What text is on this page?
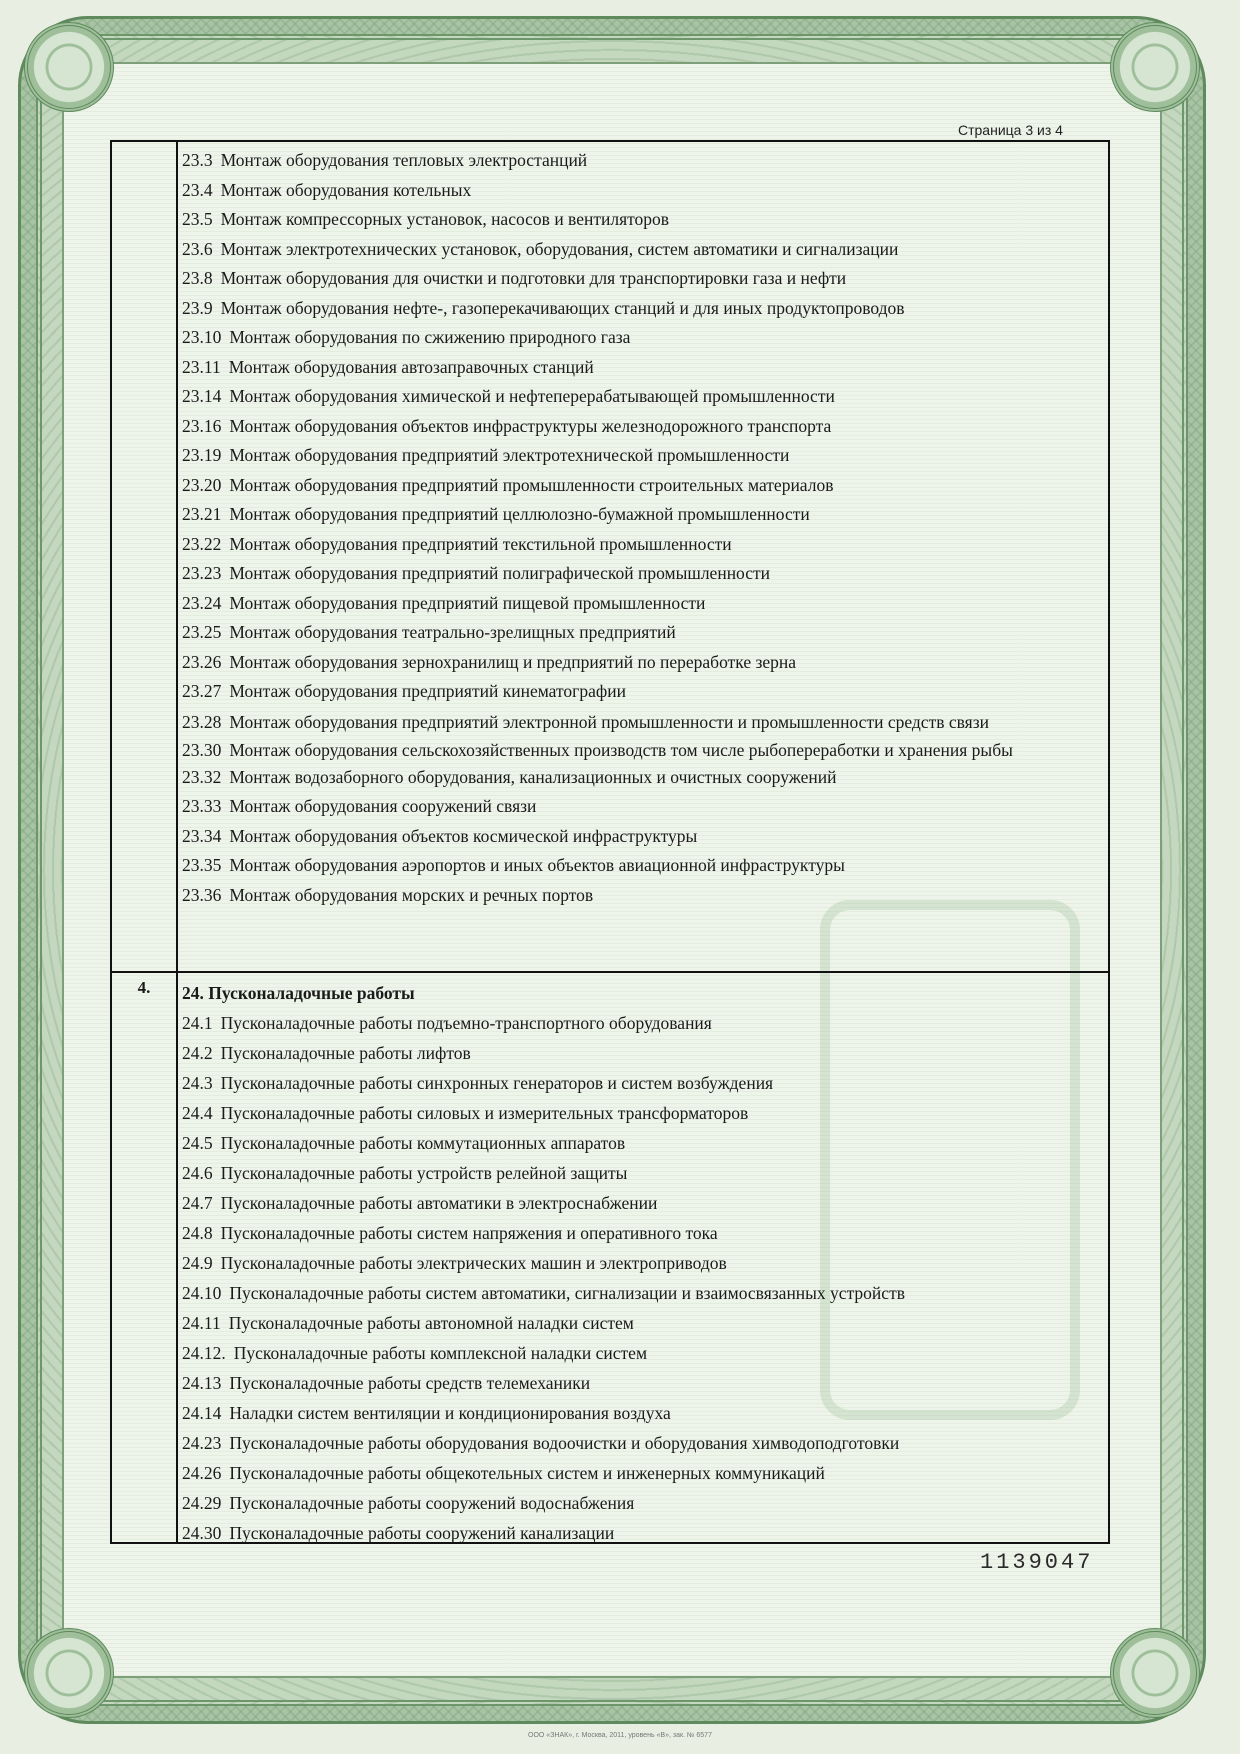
Страница 3 из 4
23.3 Монтаж оборудования тепловых электростанций
23.4 Монтаж оборудования котельных
23.5 Монтаж компрессорных установок, насосов и вентиляторов
23.6 Монтаж электротехнических установок, оборудования, систем автоматики и сигнализации
23.8 Монтаж оборудования для очистки и подготовки для транспортировки газа и нефти
23.9 Монтаж оборудования нефте-, газоперекачивающих станций и для иных продуктопроводов
23.10 Монтаж оборудования по сжижению природного газа
23.11 Монтаж оборудования автозаправочных станций
23.14 Монтаж оборудования химической и нефтеперерабатывающей промышленности
23.16 Монтаж оборудования объектов инфраструктуры железнодорожного транспорта
23.19 Монтаж оборудования предприятий электротехнической промышленности
23.20 Монтаж оборудования предприятий промышленности строительных материалов
23.21 Монтаж оборудования предприятий целлюлозно-бумажной промышленности
23.22 Монтаж оборудования предприятий текстильной промышленности
23.23 Монтаж оборудования предприятий полиграфической промышленности
23.24 Монтаж оборудования предприятий пищевой промышленности
23.25 Монтаж оборудования театрально-зрелищных предприятий
23.26 Монтаж оборудования зернохранилищ и предприятий по переработке зерна
23.27 Монтаж оборудования предприятий кинематографии
23.28 Монтаж оборудования предприятий электронной промышленности и промышленности средств связи
23.30 Монтаж оборудования сельскохозяйственных производств том числе рыбопереработки и хранения рыбы
23.32 Монтаж водозаборного оборудования, канализационных и очистных сооружений
23.33 Монтаж оборудования сооружений связи
23.34 Монтаж оборудования объектов космической инфраструктуры
23.35 Монтаж оборудования аэропортов и иных объектов авиационной инфраструктуры
23.36 Монтаж оборудования морских и речных портов
4.	24. Пусконаладочные работы
24.1 Пусконаладочные работы подъемно-транспортного оборудования
24.2 Пусконаладочные работы лифтов
24.3 Пусконаладочные работы синхронных генераторов и систем возбуждения
24.4 Пусконаладочные работы силовых и измерительных трансформаторов
24.5 Пусконаладочные работы коммутационных аппаратов
24.6 Пусконаладочные работы устройств релейной защиты
24.7 Пусконаладочные работы автоматики в электроснабжении
24.8 Пусконаладочные работы систем напряжения и оперативного тока
24.9 Пусконаладочные работы электрических машин и электроприводов
24.10 Пусконаладочные работы систем автоматики, сигнализации и взаимосвязанных устройств
24.11 Пусконаладочные работы автономной наладки систем
24.12. Пусконаладочные работы комплексной наладки систем
24.13 Пусконаладочные работы средств телемеханики
24.14 Наладки систем вентиляции и кондиционирования воздуха
24.23 Пусконаладочные работы оборудования водоочистки и оборудования химводоподготовки
24.26 Пусконаладочные работы общекотельных систем и инженерных коммуникаций
24.29 Пусконаладочные работы сооружений водоснабжения
24.30 Пусконаладочные работы сооружений канализации
1139047
ООО «ЗНАК», г. Москва, 2011, уровень «В», зак. № 6577
